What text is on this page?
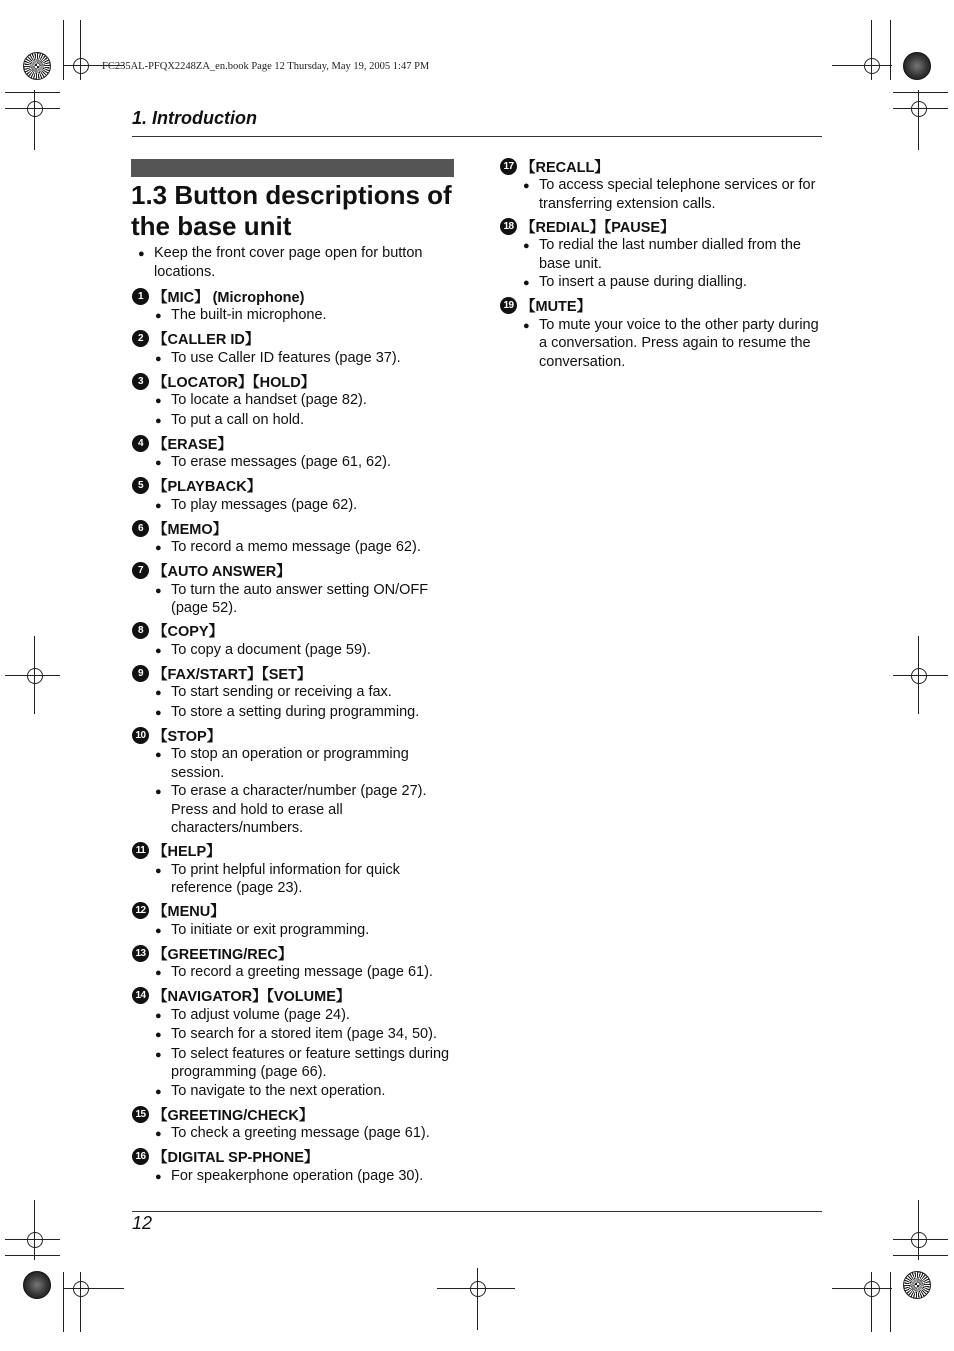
FC235AL-PFQX2248ZA_en.book Page 12 Thursday, May 19, 2005 1:47 PM
1. Introduction
1.3 Button descriptions of the base unit
● Keep the front cover page open for button locations.
1 【MIC】 (Microphone)
● The built-in microphone.
2 【CALLER ID】
● To use Caller ID features (page 37).
3 【LOCATOR】【HOLD】
● To locate a handset (page 82).
● To put a call on hold.
4 【ERASE】
● To erase messages (page 61, 62).
5 【PLAYBACK】
● To play messages (page 62).
6 【MEMO】
● To record a memo message (page 62).
7 【AUTO ANSWER】
● To turn the auto answer setting ON/OFF (page 52).
8 【COPY】
● To copy a document (page 59).
9 【FAX/START】【SET】
● To start sending or receiving a fax.
● To store a setting during programming.
10 【STOP】
● To stop an operation or programming session.
● To erase a character/number (page 27). Press and hold to erase all characters/numbers.
11 【HELP】
● To print helpful information for quick reference (page 23).
12 【MENU】
● To initiate or exit programming.
13 【GREETING/REC】
● To record a greeting message (page 61).
14 【NAVIGATOR】【VOLUME】
● To adjust volume (page 24).
● To search for a stored item (page 34, 50).
● To select features or feature settings during programming (page 66).
● To navigate to the next operation.
15 【GREETING/CHECK】
● To check a greeting message (page 61).
16 【DIGITAL SP-PHONE】
● For speakerphone operation (page 30).
17 【RECALL】
● To access special telephone services or for transferring extension calls.
18 【REDIAL】【PAUSE】
● To redial the last number dialled from the base unit.
● To insert a pause during dialling.
19 【MUTE】
● To mute your voice to the other party during a conversation. Press again to resume the conversation.
12
